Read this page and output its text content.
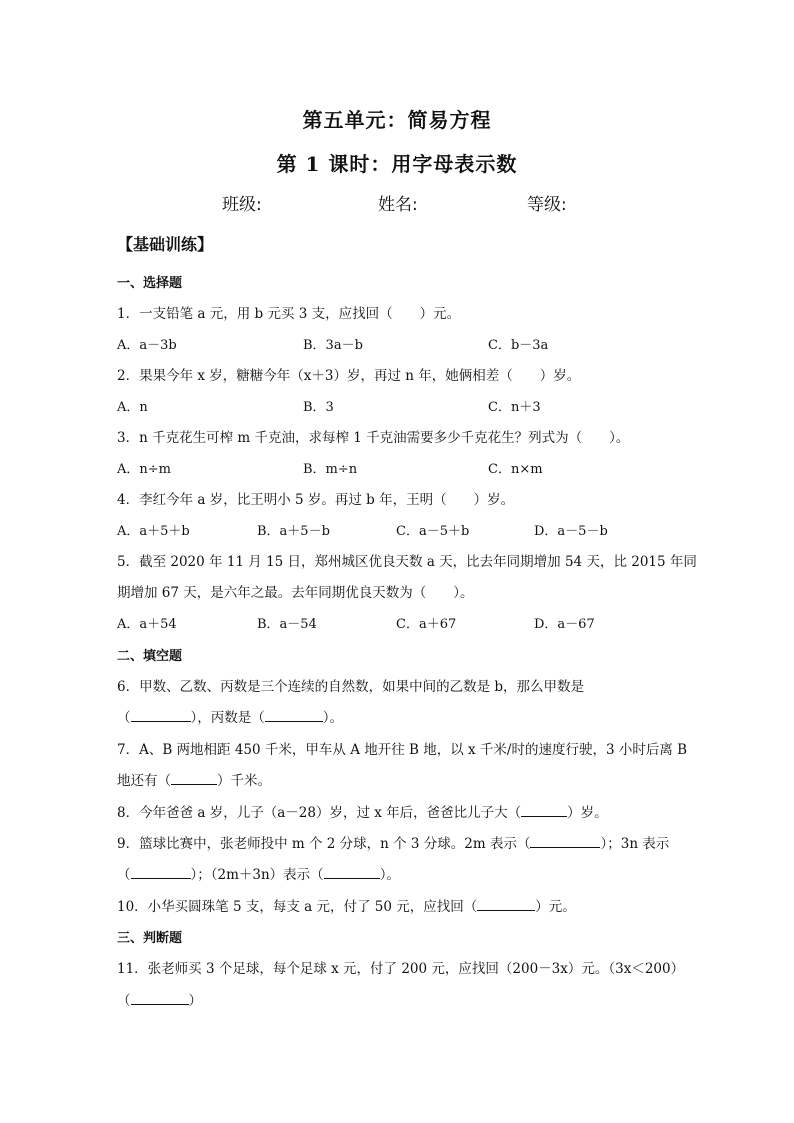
第五单元：简易方程
第 1 课时：用字母表示数
班级:	姓名:	等级:
【基础训练】
一、选择题
1．一支铅笔 a 元，用 b 元买 3 支，应找回（　　）元。
A．a－3b	B．3a－b	C．b－3a
2．果果今年 x 岁，糖糖今年（x＋3）岁，再过 n 年，她俩相差（　　）岁。
A．n	B．3	C．n＋3
3．n 千克花生可榨 m 千克油，求每榨 1 千克油需要多少千克花生？列式为（　　）。
A．n÷m	B．m÷n	C．n×m
4．李红今年 a 岁，比王明小 5 岁。再过 b 年，王明（　　）岁。
A．a＋5＋b	B．a＋5－b	C．a－5＋b	D．a－5－b
5．截至 2020 年 11 月 15 日，郑州城区优良天数 a 天，比去年同期增加 54 天，比 2015 年同
期增加 67 天，是六年之最。去年同期优良天数为（　　）。
A．a＋54	B．a－54	C．a＋67	D．a－67
二、填空题
6．甲数、乙数、丙数是三个连续的自然数，如果中间的乙数是 b，那么甲数是
（	），丙数是（	）。
7．A、B 两地相距 450 千米，甲车从 A 地开往 B 地，以 x 千米/时的速度行驶，3 小时后离 B
地还有（	）千米。
8．今年爸爸 a 岁，儿子（a－28）岁，过 x 年后，爸爸比儿子大（	）岁。
9．篮球比赛中，张老师投中 m 个 2 分球，n 个 3 分球。2m 表示（	）；3n 表示
（	）；（2m＋3n）表示（	）。
10．小华买圆珠笔 5 支，每支 a 元，付了 50 元，应找回（	）元。
三、判断题
11．张老师买 3 个足球，每个足球 x 元，付了 200 元，应找回（200－3x）元。（3x＜200）
（	）
